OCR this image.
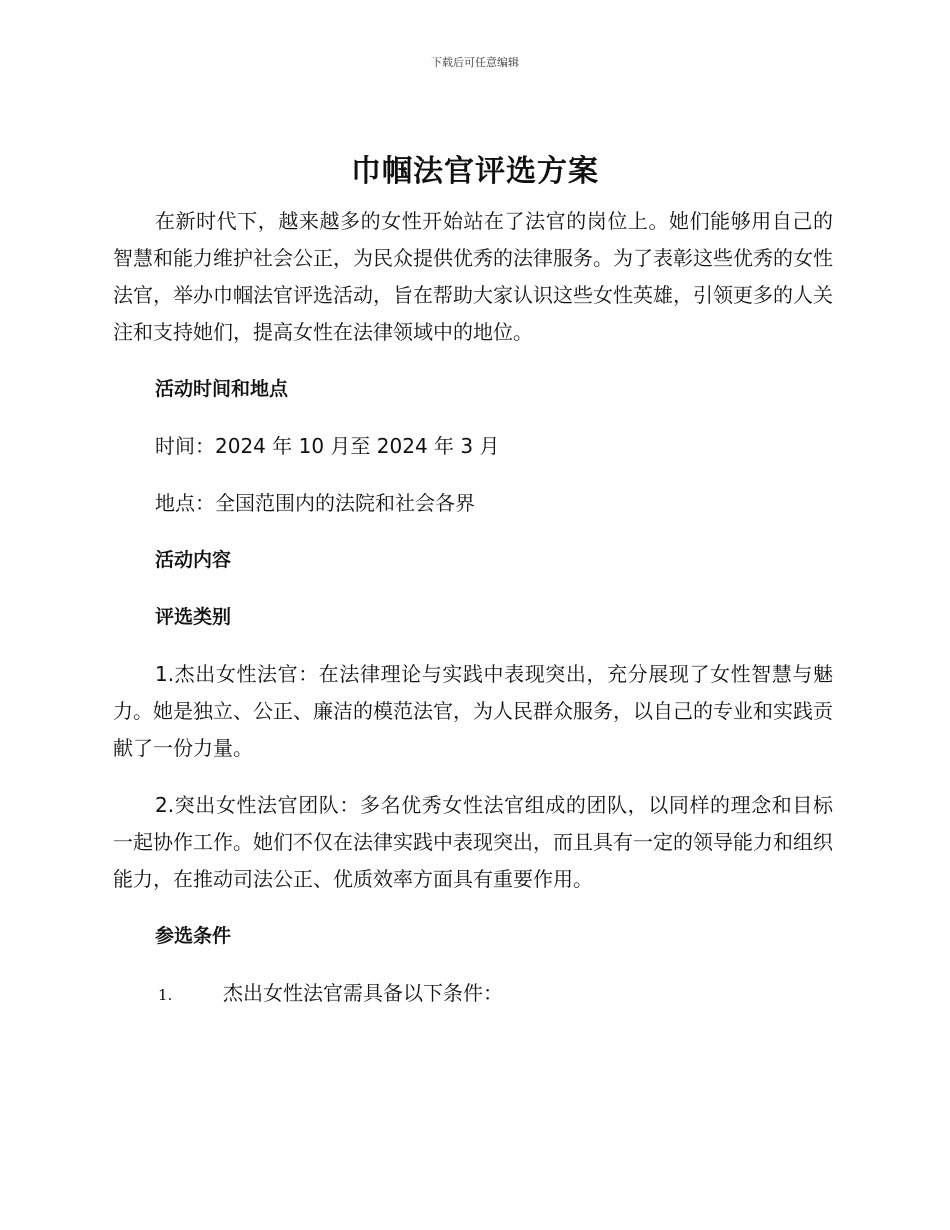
下载后可任意编辑
巾帼法官评选方案

在新时代下，越来越多的女性开始站在了法官的岗位上。她们能够用自己的智慧和能力维护社会公正，为民众提供优秀的法律服务。为了表彰这些优秀的女性法官，举办巾帼法官评选活动，旨在帮助大家认识这些女性英雄，引领更多的人关注和支持她们，提高女性在法律领域中的地位。

活动时间和地点

时间：2024 年 10 月至 2024 年 3 月

地点：全国范围内的法院和社会各界

活动内容

评选类别

1.杰出女性法官：在法律理论与实践中表现突出，充分展现了女性智慧与魅力。她是独立、公正、廉洁的模范法官，为人民群众服务，以自己的专业和实践贡献了一份力量。

2.突出女性法官团队：多名优秀女性法官组成的团队，以同样的理念和目标一起协作工作。她们不仅在法律实践中表现突出，而且具有一定的领导能力和组织能力，在推动司法公正、优质效率方面具有重要作用。

参选条件

1.	杰出女性法官需具备以下条件：
